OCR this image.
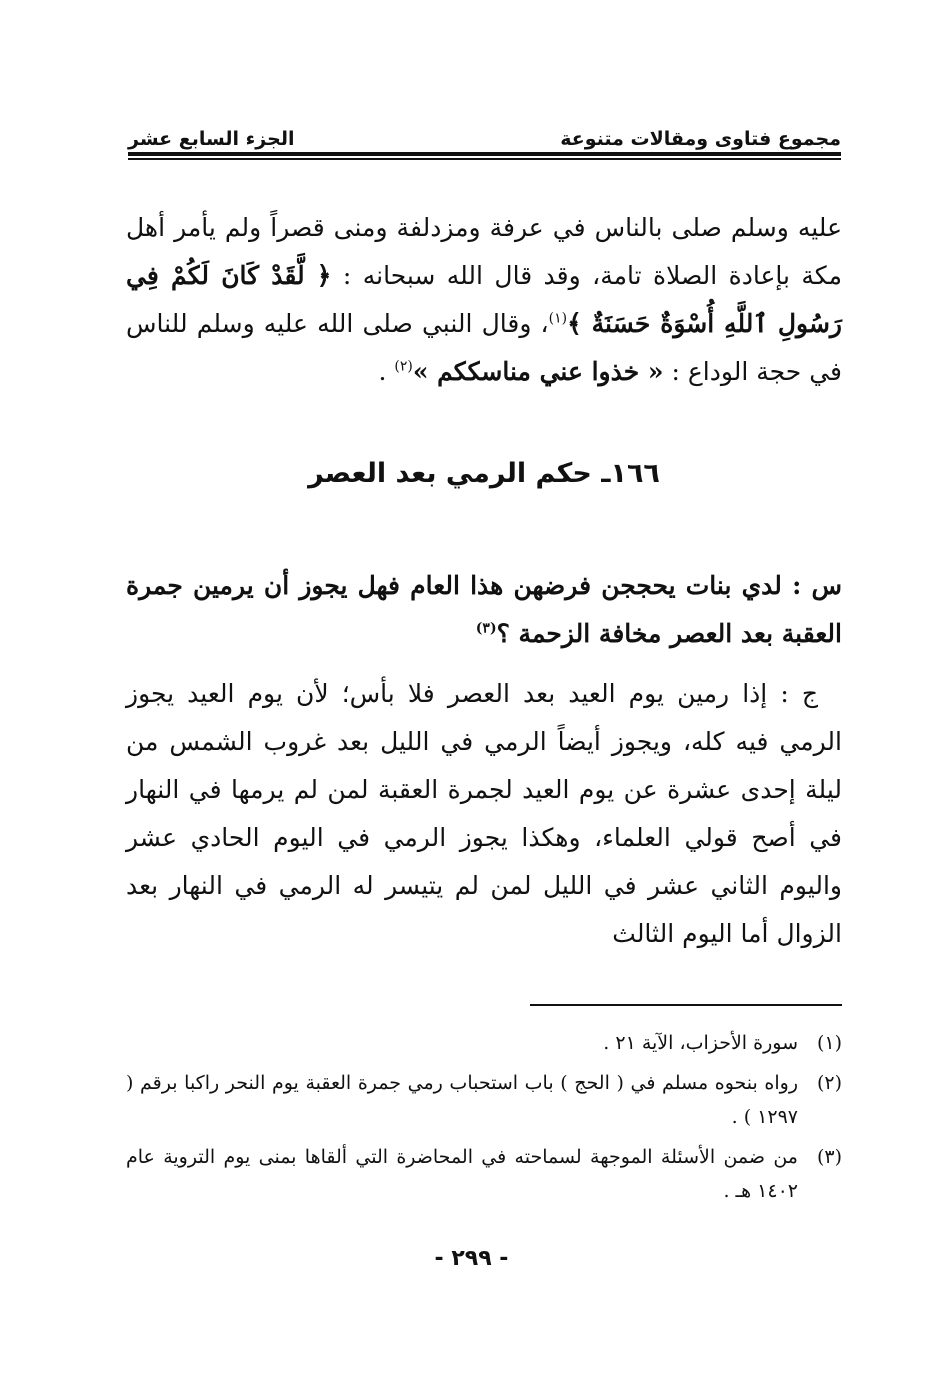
مجموع فتاوى ومقالات متنوعة
الجزء السابع عشر
عليه وسلم صلى بالناس في عرفة ومزدلفة ومنى قصراً ولم يأمر أهل مكة بإعادة الصلاة تامة، وقد قال الله سبحانه : ﴿ لَّقَدْ كَانَ لَكُمْ فِي رَسُولِ ٱللَّهِ أُسْوَةٌ حَسَنَةٌ ﴾$^{(١)}$، وقال النبي صلى الله عليه وسلم للناس في حجة الوداع : « خذوا عني مناسككم »$^{(٢)}$ .
١٦٦ـ حكم الرمي بعد العصر
س : لدي بنات يحججن فرضهن هذا العام فهل يجوز أن يرمين جمرة العقبة بعد العصر مخافة الزحمة ؟$^{(٣)}$
ج : إذا رمين يوم العيد بعد العصر فلا بأس؛ لأن يوم العيد يجوز الرمي فيه كله، ويجوز أيضاً الرمي في الليل بعد غروب الشمس من ليلة إحدى عشرة عن يوم العيد لجمرة العقبة لمن لم يرمها في النهار في أصح قولي العلماء، وهكذا يجوز الرمي في اليوم الحادي عشر واليوم الثاني عشر في الليل لمن لم يتيسر له الرمي في النهار بعد الزوال أما اليوم الثالث
(١)
سورة الأحزاب، الآية ٢١ .
(٢)
رواه بنحوه مسلم في ( الحج ) باب استحباب رمي جمرة العقبة يوم النحر راكبا برقم ( ١٢٩٧ ) .
(٣)
من ضمن الأسئلة الموجهة لسماحته في المحاضرة التي ألقاها بمنى يوم التروية عام ١٤٠٢ هـ .
- ٢٩٩ -
